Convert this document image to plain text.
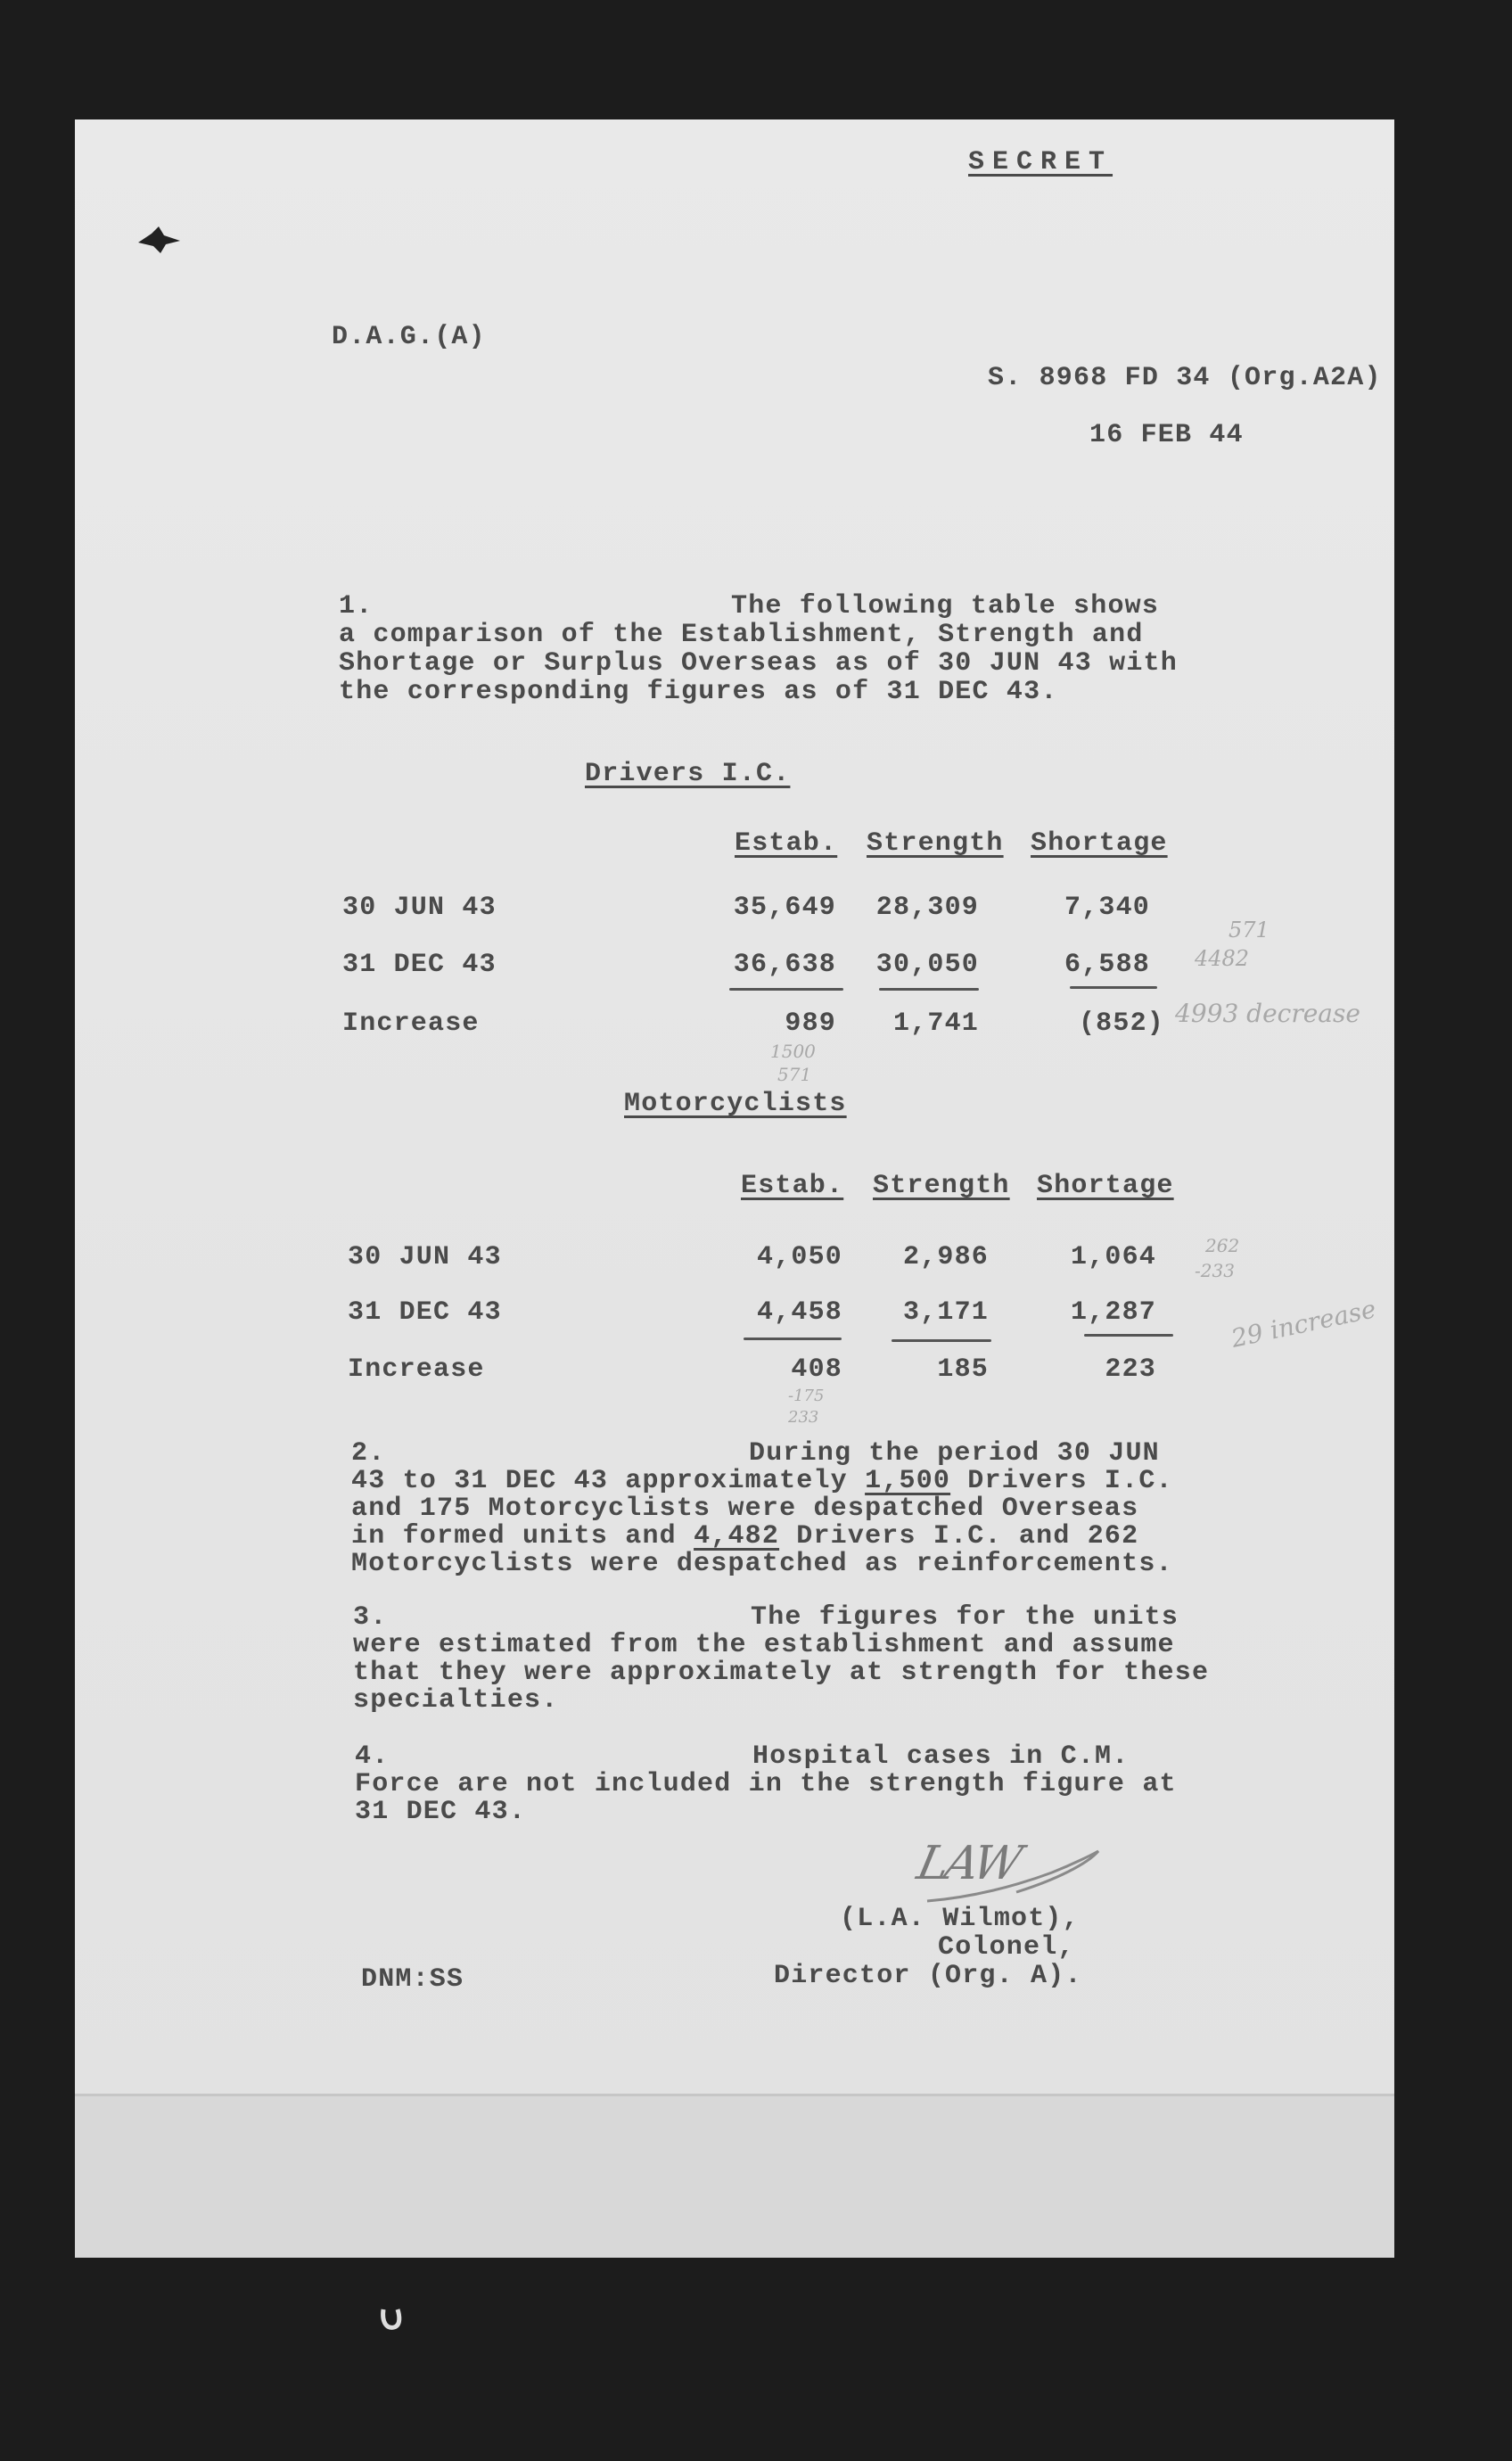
SECRET
D.A.G.(A)
S. 8968 FD 34 (Org.A2A)
16 FEB 44
1.	The following table shows
a comparison of the Establishment, Strength and
Shortage or Surplus Overseas as of 30 JUN 43 with
the corresponding figures as of 31 DEC 43.
Drivers I.C.
Estab. Strength Shortage
30 JUN 43	35,649	28,309	7,340
31 DEC 43	36,638	30,050	6,588
Increase	989	1,741	(852)
571
4482
4993 decrease
1500
571
Motorcyclists
Estab. Strength Shortage
30 JUN 43	4,050	2,986	1,064
31 DEC 43	4,458	3,171	1,287
Increase	408	185	223
262
-233
29 increase
-175
233
2.	During the period 30 JUN
43 to 31 DEC 43 approximately 1,500 Drivers I.C.
and 175 Motorcyclists were despatched Overseas
in formed units and 4,482 Drivers I.C. and 262
Motorcyclists were despatched as reinforcements.
3.	The figures for the units
were estimated from the establishment and assume
that they were approximately at strength for these
specialties.
4.	Hospital cases in C.M.
Force are not included in the strength figure at
31 DEC 43.
LAW
(L.A. Wilmot),
Colonel,
Director (Org. A).
DNM:SS
